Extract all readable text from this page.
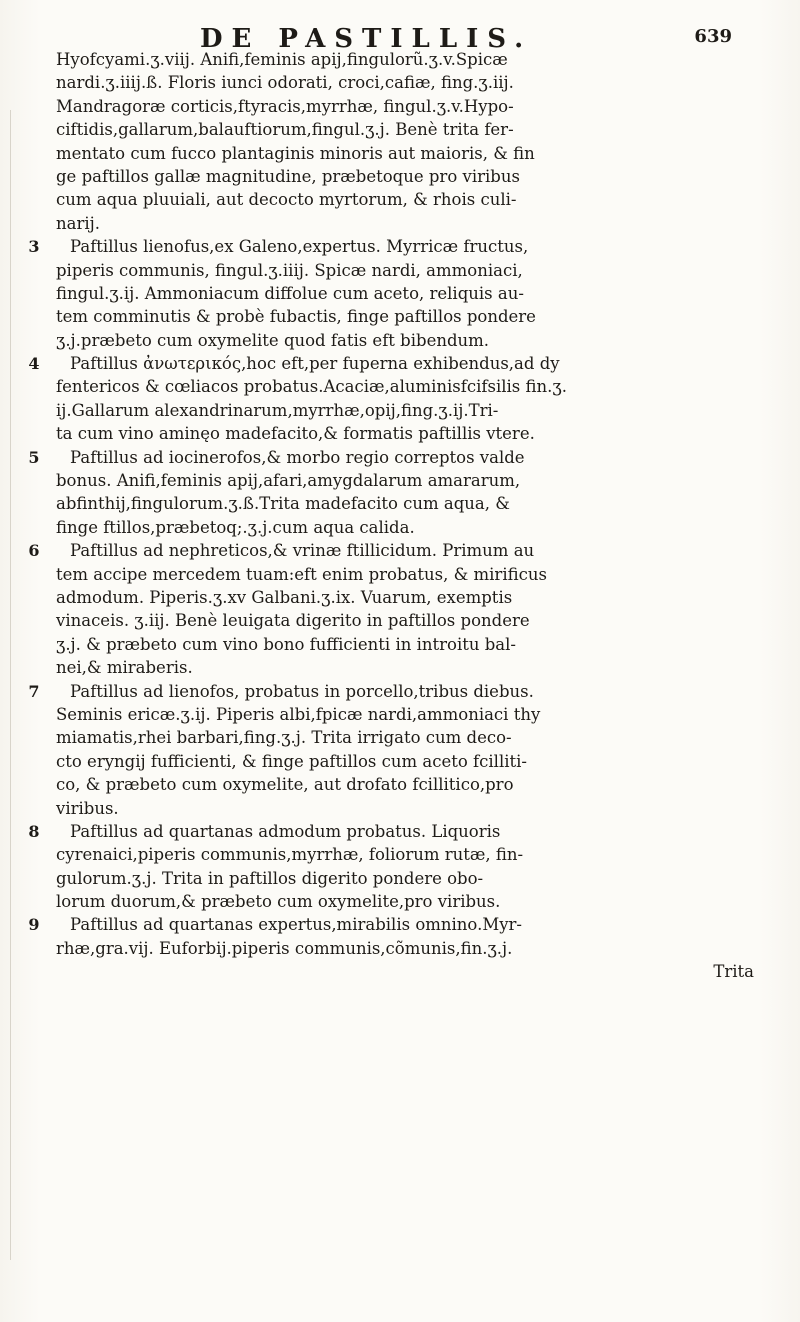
DE PASTILLIS.	639
Hyofcyami.ʒ.viij. Anifi,feminis apij,fingulorũ.ʒ.v.Spicæ
nardi.ʒ.iiij.ß. Floris iunci odorati, croci,cafiæ, fing.ʒ.iij.
Mandragoræ corticis,ftyracis,myrrhæ, fingul.ʒ.v.Hypo-
ciftidis,gallarum,balauftiorum,fingul.ʒ.j. Benè trita fer-
mentato cum fucco plantaginis minoris aut maioris, & fin
ge paftillos gallæ magnitudine, præbetoque pro viribus
cum aqua pluuiali, aut decocto myrtorum, & rhois culi-
narij.
3	Paftillus lienofus,ex Galeno,expertus. Myrricæ fructus,
piperis communis, fingul.ʒ.iiij. Spicæ nardi, ammoniaci,
fingul.ʒ.ij. Ammoniacum diffolue cum aceto, reliquis au-
tem comminutis & probè fubactis, finge paftillos pondere
ʒ.j.præbeto cum oxymelite quod fatis eft bibendum.
4	Paftillus ἀνωτερικός,hoc eft,per fuperna exhibendus,ad dy
fentericos & cœliacos probatus.Acaciæ,aluminisfcifsilis fin.ʒ.
ij.Gallarum alexandrinarum,myrrhæ,opij,fing.ʒ.ij.Tri-
ta cum vino aminęo madefacito,& formatis paftillis vtere.
5	Paftillus ad iocinerofos,& morbo regio correptos valde
bonus. Anifi,feminis apij,afari,amygdalarum amararum,
abfinthij,fingulorum.ʒ.ß.Trita madefacito cum aqua, &
finge ftillos,præbetoq;.ʒ.j.cum aqua calida.
6	Paftillus ad nephreticos,& vrinæ ftillicidum. Primum au
tem accipe mercedem tuam:eft enim probatus, & mirificus
admodum. Piperis.ʒ.xv Galbani.ʒ.ix. Vuarum, exemptis
vinaceis. ʒ.iij. Benè leuigata digerito in paftillos pondere
ʒ.j. & præbeto cum vino bono fufficienti in introitu bal-
nei,& miraberis.
7	Paftillus ad lienofos, probatus in porcello,tribus diebus.
Seminis ericæ.ʒ.ij. Piperis albi,fpicæ nardi,ammoniaci thy
miamatis,rhei barbari,fing.ʒ.j. Trita irrigato cum deco-
cto eryngij fufficienti, & finge paftillos cum aceto fcilliti-
co, & præbeto cum oxymelite, aut drofato fcillitico,pro
viribus.
8	Paftillus ad quartanas admodum probatus. Liquoris
cyrenaici,piperis communis,myrrhæ, foliorum rutæ, fin-
gulorum.ʒ.j. Trita in paftillos digerito pondere obo-
lorum duorum,& præbeto cum oxymelite,pro viribus.
9	Paftillus ad quartanas expertus,mirabilis omnino.Myr-
rhæ,gra.vij. Euforbij.piperis communis,cõmunis,fin.ʒ.j.
Trita
